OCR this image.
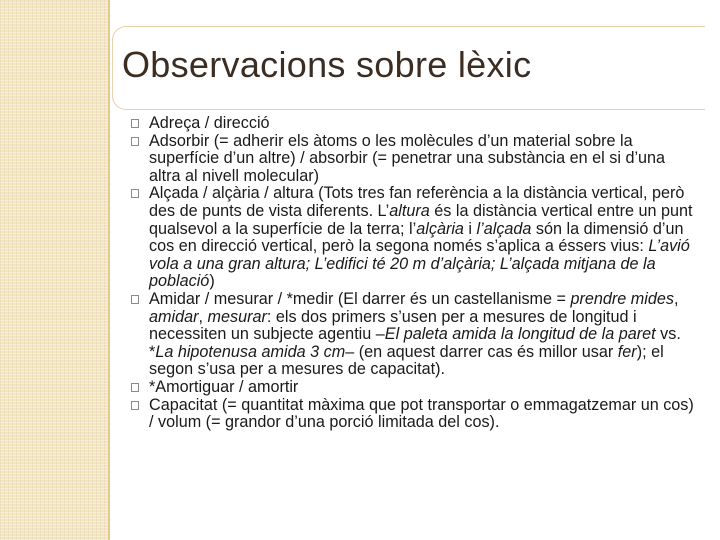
Observacions sobre lèxic
Adreça / direcció
Adsorbir (= adherir els àtoms o les molècules d’un material sobre la superfície d’un altre) / absorbir (= penetrar una substància en el si d’una altra al nivell molecular)
Alçada / alçària / altura (Tots tres fan referència a la distància vertical, però des de punts de vista diferents. L’altura és la distància vertical entre un punt qualsevol a la superfície de la terra; l’alçària i l’alçada són la dimensió d’un cos en direcció vertical, però la segona només s’aplica a éssers vius: L’avió vola a una gran altura; L’edifici té 20 m d’alçària; L’alçada mitjana de la població)
Amidar / mesurar / *medir (El darrer és un castellanisme = prendre mides, amidar, mesurar: els dos primers s’usen per a mesures de longitud i necessiten un subjecte agentiu –El paleta amida la longitud de la paret vs. *La hipotenusa amida 3 cm– (en aquest darrer cas és millor usar fer); el segon s’usa per a mesures de capacitat).
*Amortiguar / amortir
Capacitat (= quantitat màxima que pot transportar o emmagatzemar un cos) / volum (= grandor d’una porció limitada del cos).
